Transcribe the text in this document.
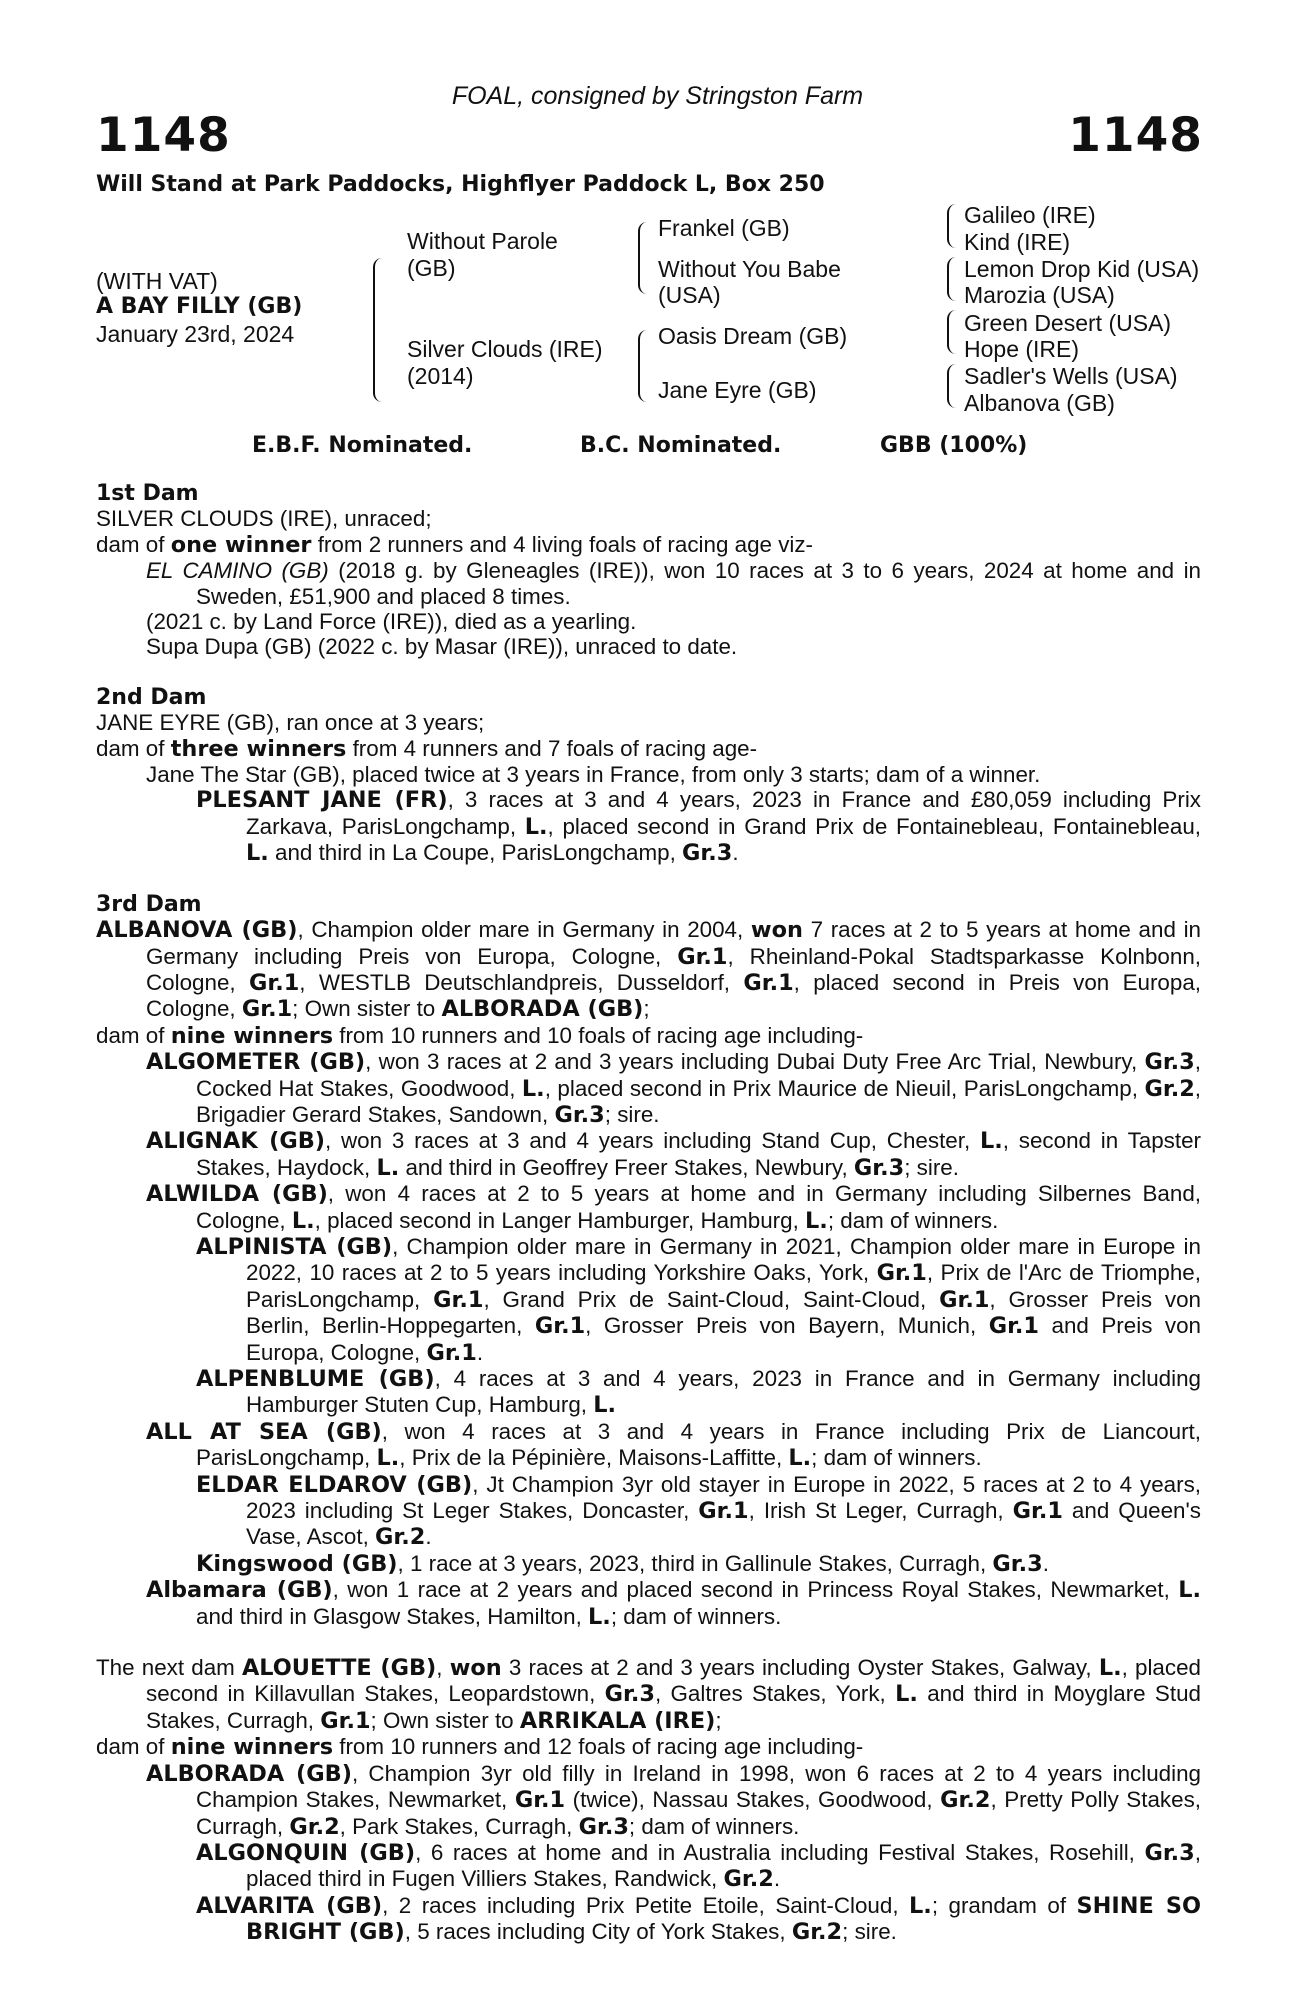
FOAL, consigned by Stringston Farm
1148	1148
Will Stand at Park Paddocks, Highflyer Paddock L, Box 250
(WITH VAT)
A BAY FILLY (GB)
January 23rd, 2024
Without Parole
(GB)
Silver Clouds (IRE)
(2014)
Frankel (GB)
Without You Babe
(USA)
Oasis Dream (GB)
Jane Eyre (GB)
Galileo (IRE)
Kind (IRE)
Lemon Drop Kid (USA)
Marozia (USA)
Green Desert (USA)
Hope (IRE)
Sadler's Wells (USA)
Albanova (GB)
E.B.F. Nominated.	B.C. Nominated.	GBB (100%)
1st Dam
SILVER CLOUDS (IRE), unraced;
dam of one winner from 2 runners and 4 living foals of racing age viz-
EL CAMINO (GB) (2018 g. by Gleneagles (IRE)), won 10 races at 3 to 6 years, 2024 at home and in Sweden, £51,900 and placed 8 times.
(2021 c. by Land Force (IRE)), died as a yearling.
Supa Dupa (GB) (2022 c. by Masar (IRE)), unraced to date.
2nd Dam
JANE EYRE (GB), ran once at 3 years;
dam of three winners from 4 runners and 7 foals of racing age-
Jane The Star (GB), placed twice at 3 years in France, from only 3 starts; dam of a winner.
PLESANT JANE (FR), 3 races at 3 and 4 years, 2023 in France and £80,059 including Prix Zarkava, ParisLongchamp, L., placed second in Grand Prix de Fontainebleau, Fontainebleau, L. and third in La Coupe, ParisLongchamp, Gr.3.
3rd Dam
ALBANOVA (GB), Champion older mare in Germany in 2004, won 7 races at 2 to 5 years at home and in Germany including Preis von Europa, Cologne, Gr.1, Rheinland-Pokal Stadtsparkasse Kolnbonn, Cologne, Gr.1, WESTLB Deutschlandpreis, Dusseldorf, Gr.1, placed second in Preis von Europa, Cologne, Gr.1; Own sister to ALBORADA (GB);
dam of nine winners from 10 runners and 10 foals of racing age including-
ALGOMETER (GB), won 3 races at 2 and 3 years including Dubai Duty Free Arc Trial, Newbury, Gr.3, Cocked Hat Stakes, Goodwood, L., placed second in Prix Maurice de Nieuil, ParisLongchamp, Gr.2, Brigadier Gerard Stakes, Sandown, Gr.3; sire.
ALIGNAK (GB), won 3 races at 3 and 4 years including Stand Cup, Chester, L., second in Tapster Stakes, Haydock, L. and third in Geoffrey Freer Stakes, Newbury, Gr.3; sire.
ALWILDA (GB), won 4 races at 2 to 5 years at home and in Germany including Silbernes Band, Cologne, L., placed second in Langer Hamburger, Hamburg, L.; dam of winners.
ALPINISTA (GB), Champion older mare in Germany in 2021, Champion older mare in Europe in 2022, 10 races at 2 to 5 years including Yorkshire Oaks, York, Gr.1, Prix de l'Arc de Triomphe, ParisLongchamp, Gr.1, Grand Prix de Saint-Cloud, Saint-Cloud, Gr.1, Grosser Preis von Berlin, Berlin-Hoppegarten, Gr.1, Grosser Preis von Bayern, Munich, Gr.1 and Preis von Europa, Cologne, Gr.1.
ALPENBLUME (GB), 4 races at 3 and 4 years, 2023 in France and in Germany including Hamburger Stuten Cup, Hamburg, L.
ALL AT SEA (GB), won 4 races at 3 and 4 years in France including Prix de Liancourt, ParisLongchamp, L., Prix de la Pépinière, Maisons-Laffitte, L.; dam of winners.
ELDAR ELDAROV (GB), Jt Champion 3yr old stayer in Europe in 2022, 5 races at 2 to 4 years, 2023 including St Leger Stakes, Doncaster, Gr.1, Irish St Leger, Curragh, Gr.1 and Queen's Vase, Ascot, Gr.2.
Kingswood (GB), 1 race at 3 years, 2023, third in Gallinule Stakes, Curragh, Gr.3.
Albamara (GB), won 1 race at 2 years and placed second in Princess Royal Stakes, Newmarket, L. and third in Glasgow Stakes, Hamilton, L.; dam of winners.
The next dam ALOUETTE (GB), won 3 races at 2 and 3 years including Oyster Stakes, Galway, L., placed second in Killavullan Stakes, Leopardstown, Gr.3, Galtres Stakes, York, L. and third in Moyglare Stud Stakes, Curragh, Gr.1; Own sister to ARRIKALA (IRE);
dam of nine winners from 10 runners and 12 foals of racing age including-
ALBORADA (GB), Champion 3yr old filly in Ireland in 1998, won 6 races at 2 to 4 years including Champion Stakes, Newmarket, Gr.1 (twice), Nassau Stakes, Goodwood, Gr.2, Pretty Polly Stakes, Curragh, Gr.2, Park Stakes, Curragh, Gr.3; dam of winners.
ALGONQUIN (GB), 6 races at home and in Australia including Festival Stakes, Rosehill, Gr.3, placed third in Fugen Villiers Stakes, Randwick, Gr.2.
ALVARITA (GB), 2 races including Prix Petite Etoile, Saint-Cloud, L.; grandam of SHINE SO BRIGHT (GB), 5 races including City of York Stakes, Gr.2; sire.
